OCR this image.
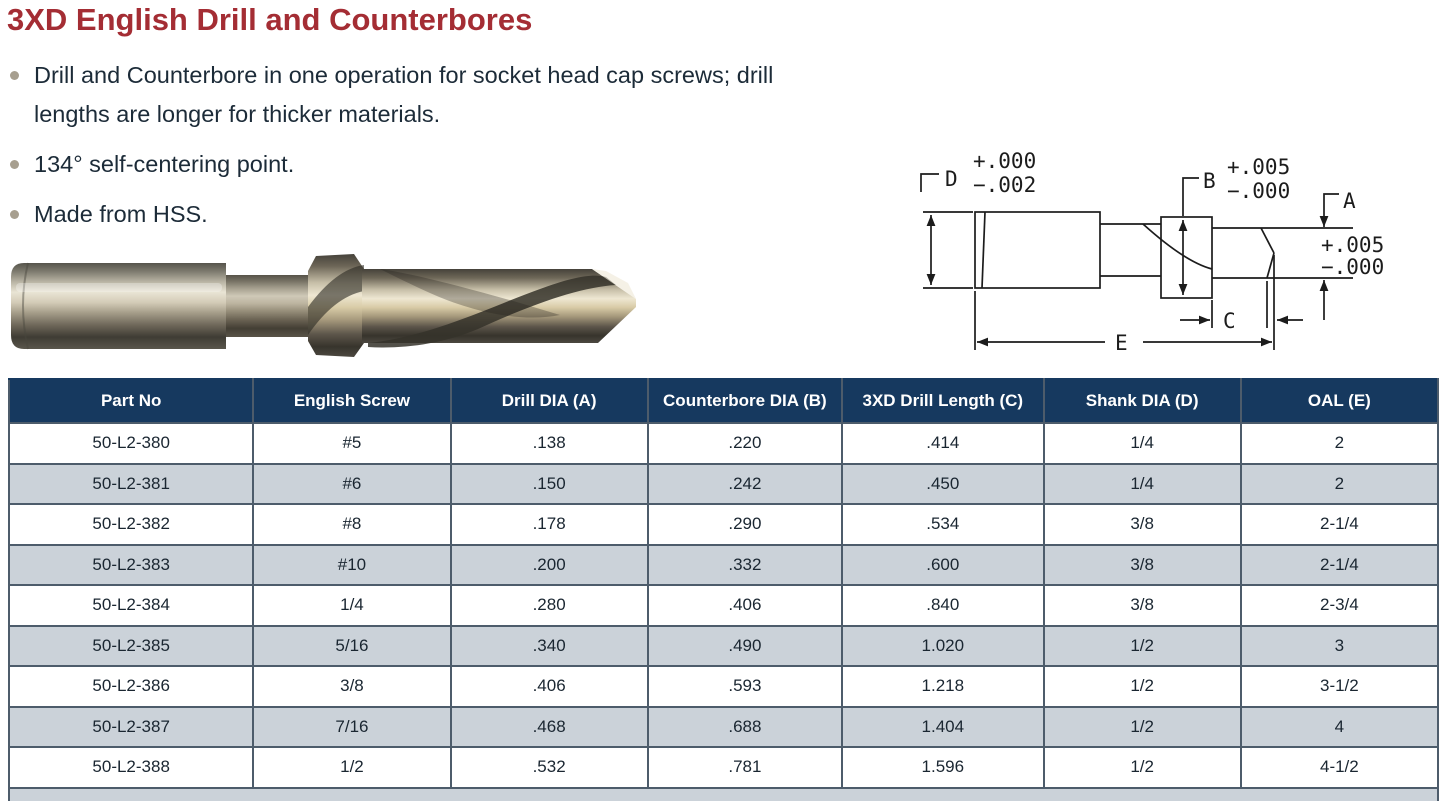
3XD English Drill and Counterbores
Drill and Counterbore in one operation for socket head cap screws; drill lengths are longer for thicker materials.
134° self-centering point.
Made from HSS.
D
+.000
−.002	B
+.005
−.000	A
+.005
−.000
C
E
Part No	English Screw	Drill DIA (A)	Counterbore DIA (B)	3XD Drill Length (C)	Shank DIA (D)	OAL (E)
50-L2-380	#5	.138	.220	.414	1/4	2
50-L2-381	#6	.150	.242	.450	1/4	2
50-L2-382	#8	.178	.290	.534	3/8	2-1/4
50-L2-383	#10	.200	.332	.600	3/8	2-1/4
50-L2-384	1/4	.280	.406	.840	3/8	2-3/4
50-L2-385	5/16	.340	.490	1.020	1/2	3
50-L2-386	3/8	.406	.593	1.218	1/2	3-1/2
50-L2-387	7/16	.468	.688	1.404	1/2	4
50-L2-388	1/2	.532	.781	1.596	1/2	4-1/2
